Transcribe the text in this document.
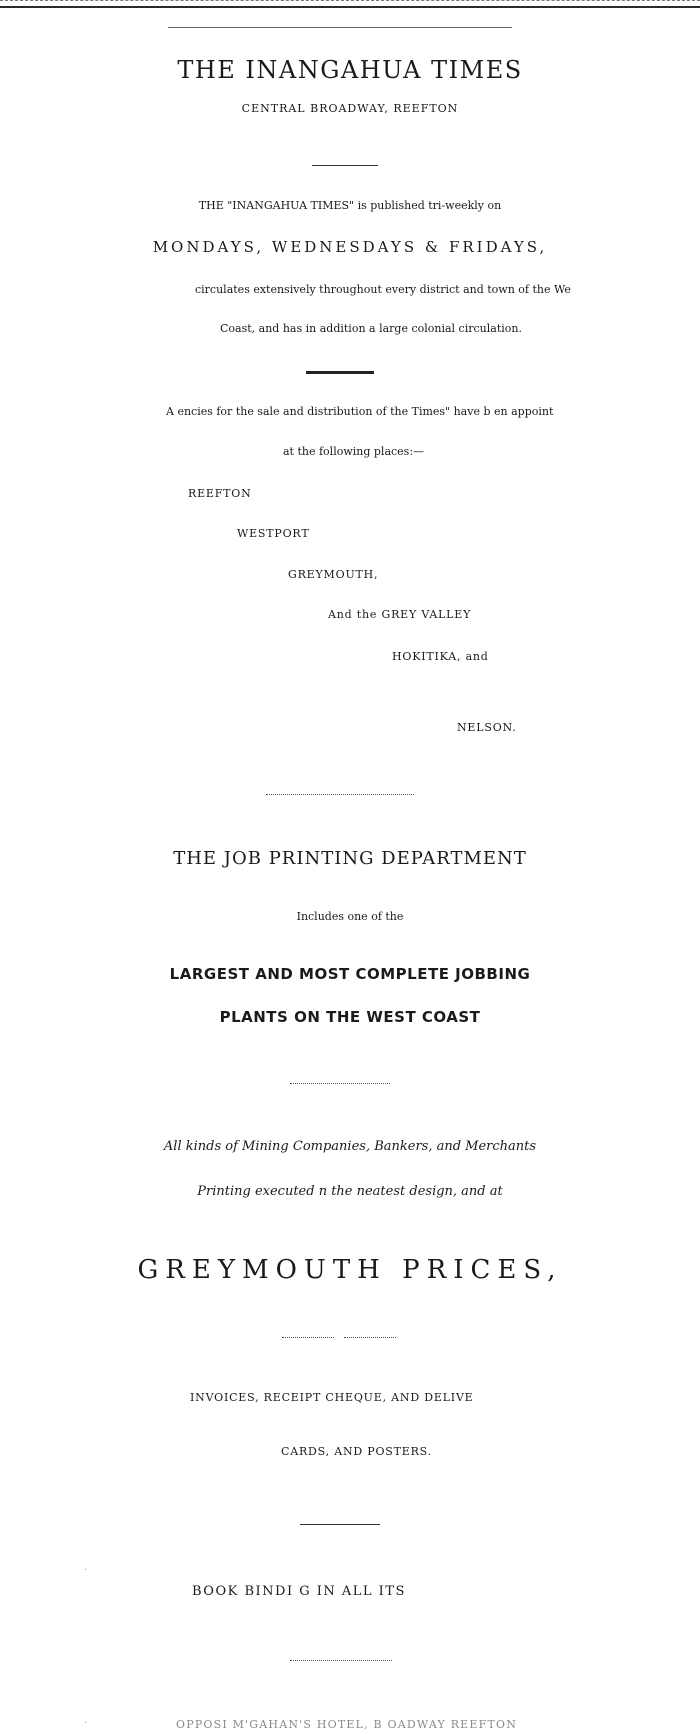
THE INANGAHUA TIMES
CENTRAL BROADWAY, REEFTON
THE "INANGAHUA TIMES" is published tri-weekly on
MONDAYS, WEDNESDAYS & FRIDAYS,
circulates extensively throughout every district and town of the We
Coast, and has in addition a large colonial circulation.
A encies for the sale and distribution of the Times" have b en appoint
at the following places:—
REEFTON
WESTPORT
GREYMOUTH,
And the GREY VALLEY
HOKITIKA, and
NELSON.
THE JOB PRINTING DEPARTMENT
Includes one of the
LARGEST AND MOST COMPLETE JOBBING
PLANTS ON THE WEST COAST
All kinds of Mining Companies, Bankers, and Merchants
Printing executed n the neatest design, and at
GREYMOUTH PRICES,
INVOICES, RECEIPT CHEQUE, AND DELIVE
CARDS, AND POSTERS.
BOOK BINDI G IN ALL ITS
OPPOSI M'GAHAN'S HOTEL, B OADWAY REEFTON
·
·
